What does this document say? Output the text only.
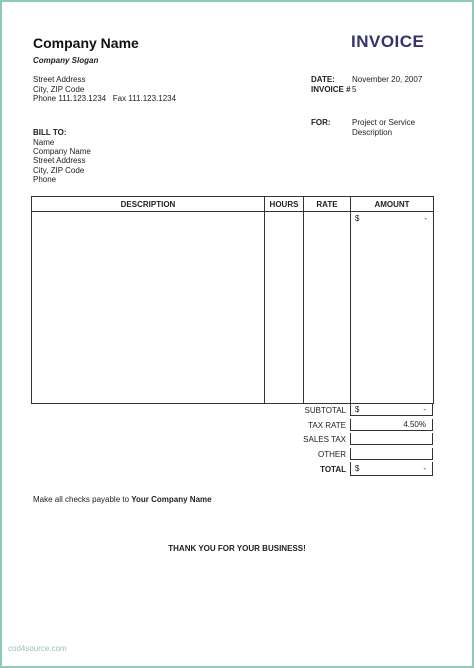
Company Name
Company Slogan
INVOICE
Street Address
City, ZIP Code
Phone 111.123.1234   Fax 111.123.1234
DATE: November 20, 2007
INVOICE # 5
FOR:	Project or Service
Description
BILL TO:
Name
Company Name
Street Address
City, ZIP Code
Phone
DESCRIPTION	HOURS	RATE	AMOUNT

			$ -
SUBTOTAL $	-
TAX RATE	4.50%
SALES TAX
OTHER
TOTAL $	-
Make all checks payable to Your Company Name
THANK YOU FOR YOUR BUSINESS!
cod4source.com
